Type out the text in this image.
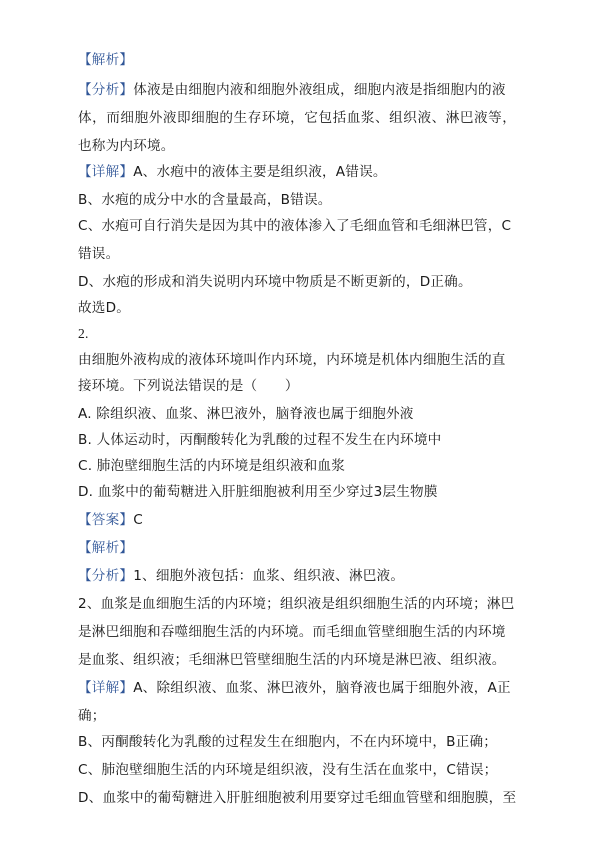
【解析】
【分析】体液是由细胞内液和细胞外液组成，细胞内液是指细胞内的液
体，而细胞外液即细胞的生存环境，它包括血浆、组织液、淋巴液等，
也称为内环境。
【详解】A、水疱中的液体主要是组织液，A错误。
B、水疱的成分中水的含量最高，B错误。
C、水疱可自行消失是因为其中的液体渗入了毛细血管和毛细淋巴管，C
错误。
D、水疱的形成和消失说明内环境中物质是不断更新的，D正确。
故选D。
2.
由细胞外液构成的液体环境叫作内环境，内环境是机体内细胞生活的直
接环境。下列说法错误的是（　　）
A. 除组织液、血浆、淋巴液外，脑脊液也属于细胞外液
B. 人体运动时，丙酮酸转化为乳酸的过程不发生在内环境中
C. 肺泡壁细胞生活的内环境是组织液和血浆
D. 血浆中的葡萄糖进入肝脏细胞被利用至少穿过3层生物膜
【答案】C
【解析】
【分析】1、细胞外液包括：血浆、组织液、淋巴液。
2、血浆是血细胞生活的内环境；组织液是组织细胞生活的内环境；淋巴
是淋巴细胞和吞噬细胞生活的内环境。而毛细血管壁细胞生活的内环境
是血浆、组织液；毛细淋巴管壁细胞生活的内环境是淋巴液、组织液。
【详解】A、除组织液、血浆、淋巴液外，脑脊液也属于细胞外液，A正
确；
B、丙酮酸转化为乳酸的过程发生在细胞内，不在内环境中，B正确；
C、肺泡壁细胞生活的内环境是组织液，没有生活在血浆中，C错误；
D、血浆中的葡萄糖进入肝脏细胞被利用要穿过毛细血管壁和细胞膜，至
